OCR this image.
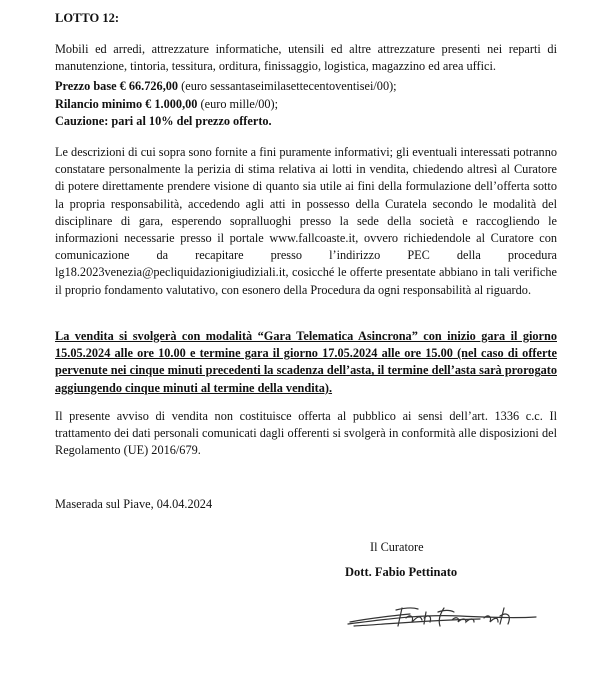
LOTTO 12:

Mobili ed arredi, attrezzature informatiche, utensili ed altre attrezzature presenti nei reparti di manutenzione, tintoria, tessitura, orditura, finissaggio, logistica, magazzino ed area uffici.

Prezzo base € 66.726,00 (euro sessantaseimilasettecentoventisei/00);
Rilancio minimo € 1.000,00 (euro mille/00);
Cauzione: pari al 10% del prezzo offerto.

Le descrizioni di cui sopra sono fornite a fini puramente informativi; gli eventuali interessati potranno constatare personalmente la perizia di stima relativa ai lotti in vendita, chiedendo altresì al Curatore di potere direttamente prendere visione di quanto sia utile ai fini della formulazione dell’offerta sotto la propria responsabilità, accedendo agli atti in possesso della Curatela secondo le modalità del disciplinare di gara, esperendo sopralluoghi presso la sede della società e raccogliendo le informazioni necessarie presso il portale www.fallcoaste.it, ovvero richiedendole al Curatore con comunicazione da recapitare presso l’indirizzo PEC della procedura lg18.2023venezia@pecliquidazionigiudiziali.it, cosicché le offerte presentate abbiano in tali verifiche il proprio fondamento valutativo, con esonero della Procedura da ogni responsabilità al riguardo.

La vendita si svolgerà con modalità “Gara Telematica Asincrona” con inizio gara il giorno 15.05.2024 alle ore 10.00 e termine gara il giorno 17.05.2024 alle ore 15.00 (nel caso di offerte pervenute nei cinque minuti precedenti la scadenza dell’asta, il termine dell’asta sarà prorogato aggiungendo cinque minuti al termine della vendita).

Il presente avviso di vendita non costituisce offerta al pubblico ai sensi dell’art. 1336 c.c. Il trattamento dei dati personali comunicati dagli offerenti si svolgerà in conformità alle disposizioni del Regolamento (UE) 2016/679.

Maserada sul Piave, 04.04.2024
Il Curatore
Dott. Fabio Pettinato
